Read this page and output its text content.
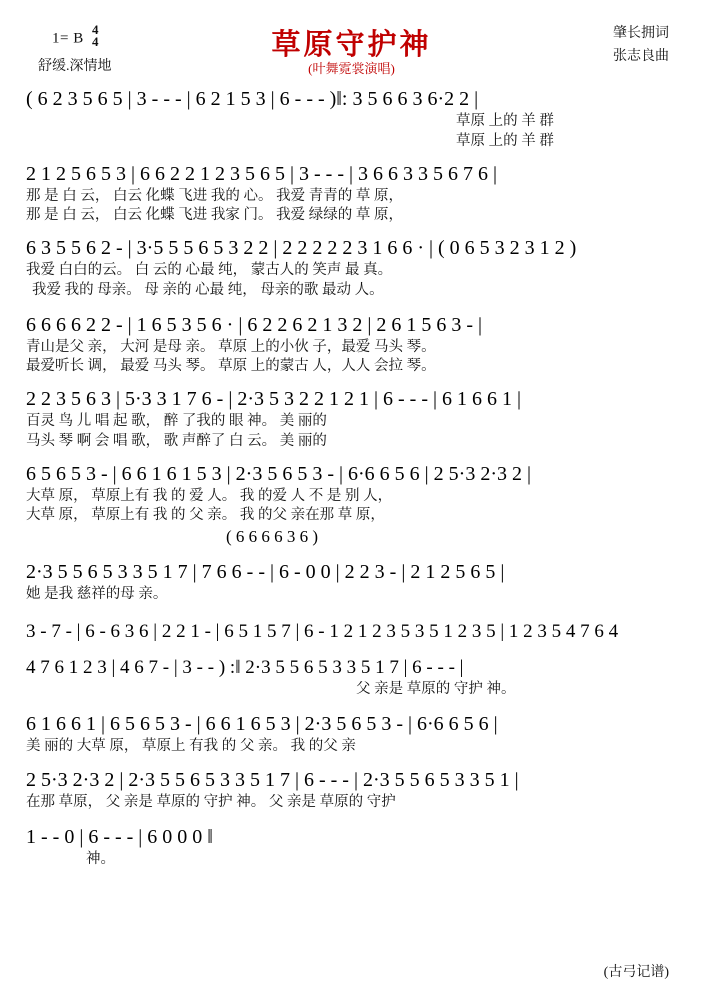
1= B
4
4
舒缓.深情地
草原守护神
(叶舞霓裳演唱)
肇长拥词
张志良曲
( 6 2 3 5 6 5 | 3 - - - | 6 2 1 5 3 | 6 - - - )‖: 3 5 6 6 3 6·2 2 |
草原 上的 羊 群
草原 上的 羊 群
2 1 2 5 6 5 3 | 6 6 2 2 1 2 3 5 6 5 | 3 - - - | 3 6 6 3 3 5 6 7 6 |
那 是 白 云， 白云 化蝶 飞进 我的 心。 我爱 青青的 草 原，
那 是 白 云， 白云 化蝶 飞进 我家 门。 我爱 绿绿的 草 原，
6 3 5 5 6 2 - | 3·5 5 5 6 5 3 2 2 | 2 2 2 2 2 3 1 6 6 · | ( 0 6 5 3 2 3 1 2 )
我爱 白白的云。 白 云的 心最 纯， 蒙古人的 笑声 最 真。
我爱 我的 母亲。 母 亲的 心最 纯， 母亲的歌 最动 人。
6 6 6 6 2 2 - | 1 6 5 3 5 6 · | 6 2 2 6 2 1 3 2 | 2 6 1 5 6 3 - |
青山是父 亲， 大河 是母 亲。 草原 上的小伙 子，最爱 马头 琴。
最爱听长 调， 最爱 马头 琴。 草原 上的蒙古 人，人人 会拉 琴。
2 2 3 5 6 3 | 5·3 3 1 7 6 - | 2·3 5 3 2 2 1 2 1 | 6 - - - | 6 1 6 6 1 |
百灵 鸟 儿 唱 起 歌， 醉 了我的 眼 神。 美 丽的
马头 琴 啊 会 唱 歌， 歌 声醉了 白 云。 美 丽的
6 5 6 5 3 - | 6 6 1 6 1 5 3 | 2·3 5 6 5 3 - | 6·6 6 5 6 | 2 5·3 2·3 2 |
大草 原， 草原上有 我 的 爱 人。 我 的爱 人 不 是 别 人，
大草 原， 草原上有 我 的 父 亲。 我 的父 亲在那 草 原，
( 6 6 6 6 3 6 )
2·3 5 5 6 5 3 3 5 1 7 | 7 6 6 - - | 6 - 0 0 | 2 2 3 - | 2 1 2 5 6 5 |
她 是我 慈祥的母 亲。
3 - 7 - | 6 - 6 3 6 | 2 2 1 - | 6 5 1 5 7 | 6 - 1 2 1 2 3 5 3 5 1 2 3 5 | 1 2 3 5 4 7 6 4
4 7 6 1 2 3 | 4 6 7 - | 3 - - ) :‖ 2·3 5 5 6 5 3 3 5 1 7 | 6 - - - |
父 亲是 草原的 守护 神。
6 1 6 6 1 | 6 5 6 5 3 - | 6 6 1 6 5 3 | 2·3 5 6 5 3 - | 6·6 6 5 6 |
美 丽的 大草 原， 草原上 有我 的 父 亲。 我 的父 亲
2 5·3 2·3 2 | 2·3 5 5 6 5 3 3 5 1 7 | 6 - - - | 2·3 5 5 6 5 3 3 5 1 |
在那 草原， 父 亲是 草原的 守护 神。 父 亲是 草原的 守护
1 - - 0 | 6 - - - | 6 0 0 0 ‖
神。
(古弓记谱)
